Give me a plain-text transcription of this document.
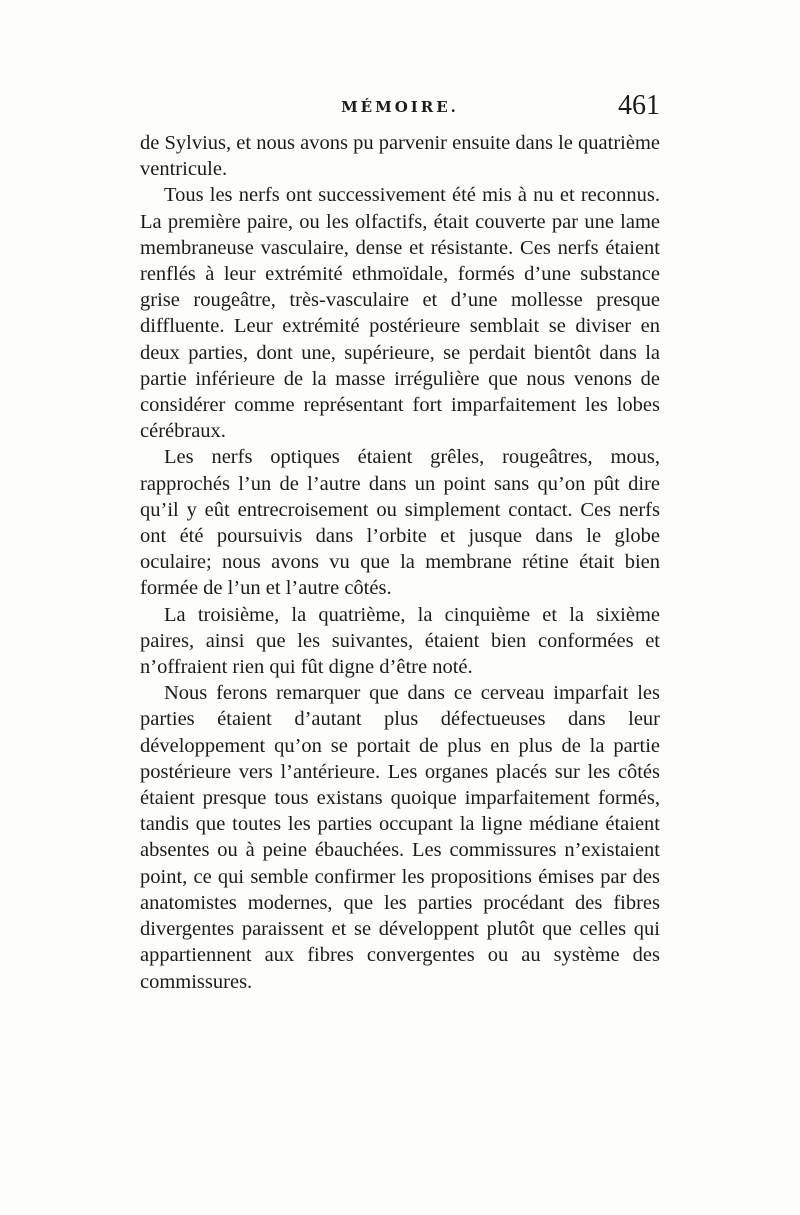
MÉMOIRE.	461

de Sylvius, et nous avons pu parvenir ensuite dans le quatrième ventricule.

Tous les nerfs ont successivement été mis à nu et reconnus. La première paire, ou les olfactifs, était couverte par une lame membraneuse vasculaire, dense et résistante. Ces nerfs étaient renflés à leur extrémité ethmoïdale, formés d’une substance grise rougeâtre, très-vasculaire et d’une mollesse presque diffluente. Leur extrémité postérieure semblait se diviser en deux parties, dont une, supérieure, se perdait bientôt dans la partie inférieure de la masse irrégulière que nous venons de considérer comme représentant fort imparfaitement les lobes cérébraux.

Les nerfs optiques étaient grêles, rougeâtres, mous, rapprochés l’un de l’autre dans un point sans qu’on pût dire qu’il y eût entrecroisement ou simplement contact. Ces nerfs ont été poursuivis dans l’orbite et jusque dans le globe oculaire; nous avons vu que la membrane rétine était bien formée de l’un et l’autre côtés.

La troisième, la quatrième, la cinquième et la sixième paires, ainsi que les suivantes, étaient bien conformées et n’offraient rien qui fût digne d’être noté.

Nous ferons remarquer que dans ce cerveau imparfait les parties étaient d’autant plus défectueuses dans leur développement qu’on se portait de plus en plus de la partie postérieure vers l’antérieure. Les organes placés sur les côtés étaient presque tous existans quoique imparfaitement formés, tandis que toutes les parties occupant la ligne médiane étaient absentes ou à peine ébauchées. Les commissures n’existaient point, ce qui semble confirmer les propositions émises par des anatomistes modernes, que les parties procédant des fibres divergentes paraissent et se développent plutôt que celles qui appartiennent aux fibres convergentes ou au système des commissures.
